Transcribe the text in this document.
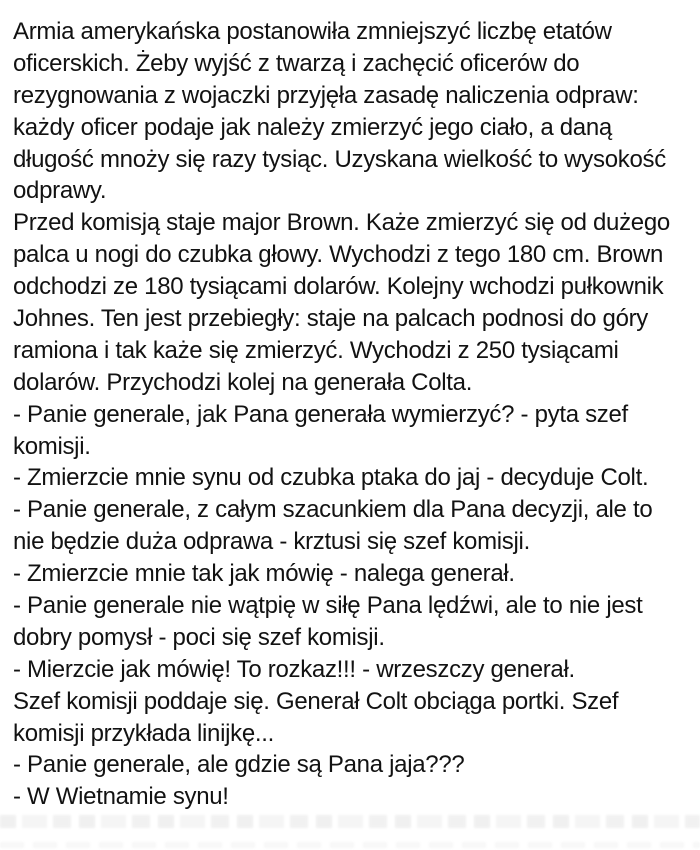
Armia amerykańska postanowiła zmniejszyć liczbę etatów
oficerskich. Żeby wyjść z twarzą i zachęcić oficerów do
rezygnowania z wojaczki przyjęła zasadę naliczenia odpraw:
każdy oficer podaje jak należy zmierzyć jego ciało, a daną
długość mnoży się razy tysiąc. Uzyskana wielkość to wysokość
odprawy.
Przed komisją staje major Brown. Każe zmierzyć się od dużego
palca u nogi do czubka głowy. Wychodzi z tego 180 cm. Brown
odchodzi ze 180 tysiącami dolarów. Kolejny wchodzi pułkownik
Johnes. Ten jest przebiegły: staje na palcach podnosi do góry
ramiona i tak każe się zmierzyć. Wychodzi z 250 tysiącami
dolarów. Przychodzi kolej na generała Colta.
- Panie generale, jak Pana generała wymierzyć? - pyta szef
komisji.
- Zmierzcie mnie synu od czubka ptaka do jaj - decyduje Colt.
- Panie generale, z całym szacunkiem dla Pana decyzji, ale to
nie będzie duża odprawa - krztusi się szef komisji.
- Zmierzcie mnie tak jak mówię - nalega generał.
- Panie generale nie wątpię w siłę Pana lędźwi, ale to nie jest
dobry pomysł - poci się szef komisji.
- Mierzcie jak mówię! To rozkaz!!! - wrzeszczy generał.
Szef komisji poddaje się. Generał Colt obciąga portki. Szef
komisji przykłada linijkę...
- Panie generale, ale gdzie są Pana jaja???
- W Wietnamie synu!
